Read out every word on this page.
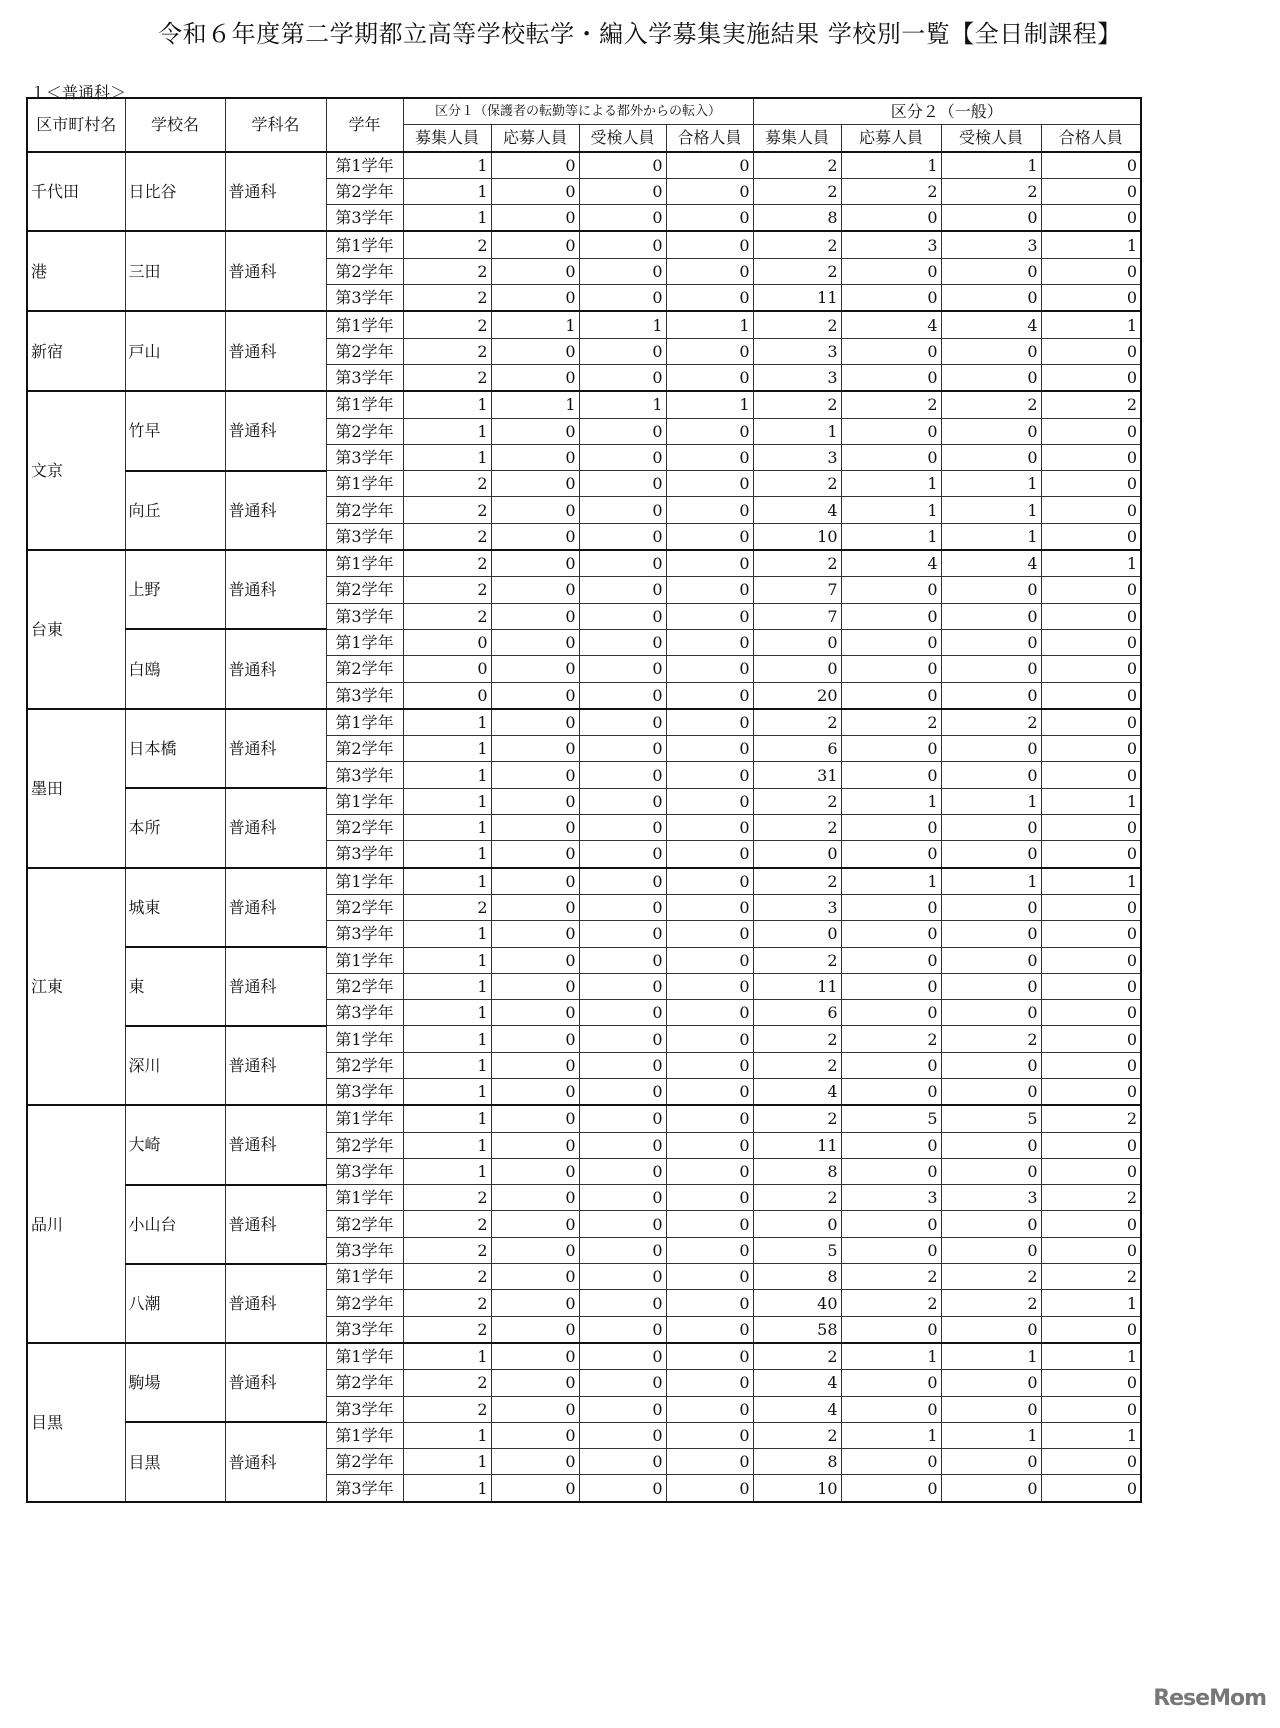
令和６年度第二学期都立高等学校転学・編入学募集実施結果 学校別一覧【全日制課程】
１＜普通科＞
区市町村名	学校名	学科名	学年	区分１（保護者の転勤等による都外からの転入）				区分２（一般）			
				募集人員	応募人員	受検人員	合格人員	募集人員	応募人員	受検人員	合格人員
千代田	日比谷	普通科	第1学年	1	0	0	0	2	1	1	0
			第2学年	1	0	0	0	2	2	2	0
			第3学年	1	0	0	0	8	0	0	0
港	三田	普通科	第1学年	2	0	0	0	2	3	3	1
			第2学年	2	0	0	0	2	0	0	0
			第3学年	2	0	0	0	11	0	0	0
新宿	戸山	普通科	第1学年	2	1	1	1	2	4	4	1
			第2学年	2	0	0	0	3	0	0	0
			第3学年	2	0	0	0	3	0	0	0
文京	竹早	普通科	第1学年	1	1	1	1	2	2	2	2
			第2学年	1	0	0	0	1	0	0	0
			第3学年	1	0	0	0	3	0	0	0
	向丘	普通科	第1学年	2	0	0	0	2	1	1	0
			第2学年	2	0	0	0	4	1	1	0
			第3学年	2	0	0	0	10	1	1	0
台東	上野	普通科	第1学年	2	0	0	0	2	4	4	1
			第2学年	2	0	0	0	7	0	0	0
			第3学年	2	0	0	0	7	0	0	0
	白鴎	普通科	第1学年	0	0	0	0	0	0	0	0
			第2学年	0	0	0	0	0	0	0	0
			第3学年	0	0	0	0	20	0	0	0
墨田	日本橋	普通科	第1学年	1	0	0	0	2	2	2	0
			第2学年	1	0	0	0	6	0	0	0
			第3学年	1	0	0	0	31	0	0	0
	本所	普通科	第1学年	1	0	0	0	2	1	1	1
			第2学年	1	0	0	0	2	0	0	0
			第3学年	1	0	0	0	0	0	0	0
江東	城東	普通科	第1学年	1	0	0	0	2	1	1	1
			第2学年	2	0	0	0	3	0	0	0
			第3学年	1	0	0	0	0	0	0	0
	東	普通科	第1学年	1	0	0	0	2	0	0	0
			第2学年	1	0	0	0	11	0	0	0
			第3学年	1	0	0	0	6	0	0	0
	深川	普通科	第1学年	1	0	0	0	2	2	2	0
			第2学年	1	0	0	0	2	0	0	0
			第3学年	1	0	0	0	4	0	0	0
品川	大崎	普通科	第1学年	1	0	0	0	2	5	5	2
			第2学年	1	0	0	0	11	0	0	0
			第3学年	1	0	0	0	8	0	0	0
	小山台	普通科	第1学年	2	0	0	0	2	3	3	2
			第2学年	2	0	0	0	0	0	0	0
			第3学年	2	0	0	0	5	0	0	0
	八潮	普通科	第1学年	2	0	0	0	8	2	2	2
			第2学年	2	0	0	0	40	2	2	1
			第3学年	2	0	0	0	58	0	0	0
目黒	駒場	普通科	第1学年	1	0	0	0	2	1	1	1
			第2学年	2	0	0	0	4	0	0	0
			第3学年	2	0	0	0	4	0	0	0
	目黒	普通科	第1学年	1	0	0	0	2	1	1	1
			第2学年	1	0	0	0	8	0	0	0
			第3学年	1	0	0	0	10	0	0	0
ReseMom
